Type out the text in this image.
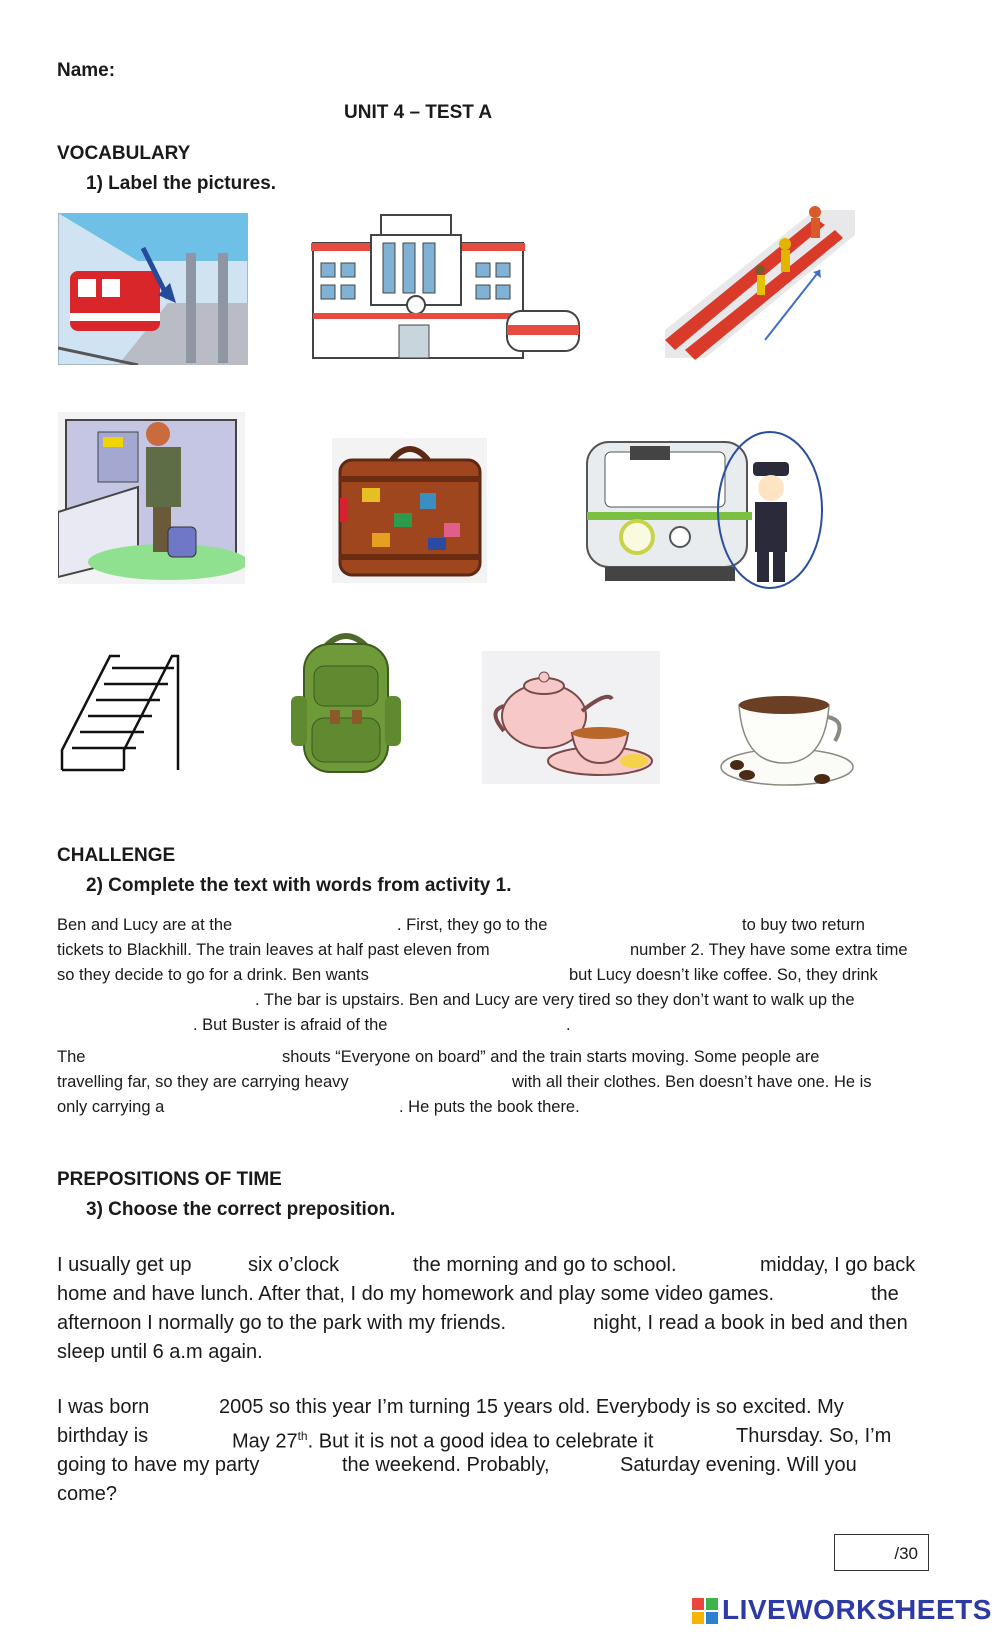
Name:
UNIT 4 – TEST A
VOCABULARY
1) Label the pictures.
CHALLENGE
2) Complete the text with words from activity 1.
Ben and Lucy are at the	. First, they go to the	to buy two return
tickets to Blackhill. The train leaves at half past eleven from	number 2. They have some extra time
so they decide to go for a drink. Ben wants	but Lucy doesn’t like coffee. So, they drink
. The bar is upstairs. Ben and Lucy are very tired so they don’t want to walk up the
. But Buster is afraid of the	.
The	shouts “Everyone on board” and the train starts moving. Some people are
travelling far, so they are carrying heavy	with all their clothes. Ben doesn’t have one. He is
only carrying a	. He puts the book there.
PREPOSITIONS OF TIME
3) Choose the correct preposition.
I usually get up	six o’clock	the morning and go to school.	midday, I go back
home and have lunch. After that, I do my homework and play some video games.	the
afternoon I normally go to the park with my friends.	night, I read a book in bed and then
sleep until 6 a.m again.
I was born	2005 so this year I’m turning 15 years old. Everybody is so excited. My
birthday is	May 27th. But it is not a good idea to celebrate it	Thursday. So, I’m
going to have my party	the weekend. Probably,	Saturday evening. Will you
come?
/30
LIVEWORKSHEETS
